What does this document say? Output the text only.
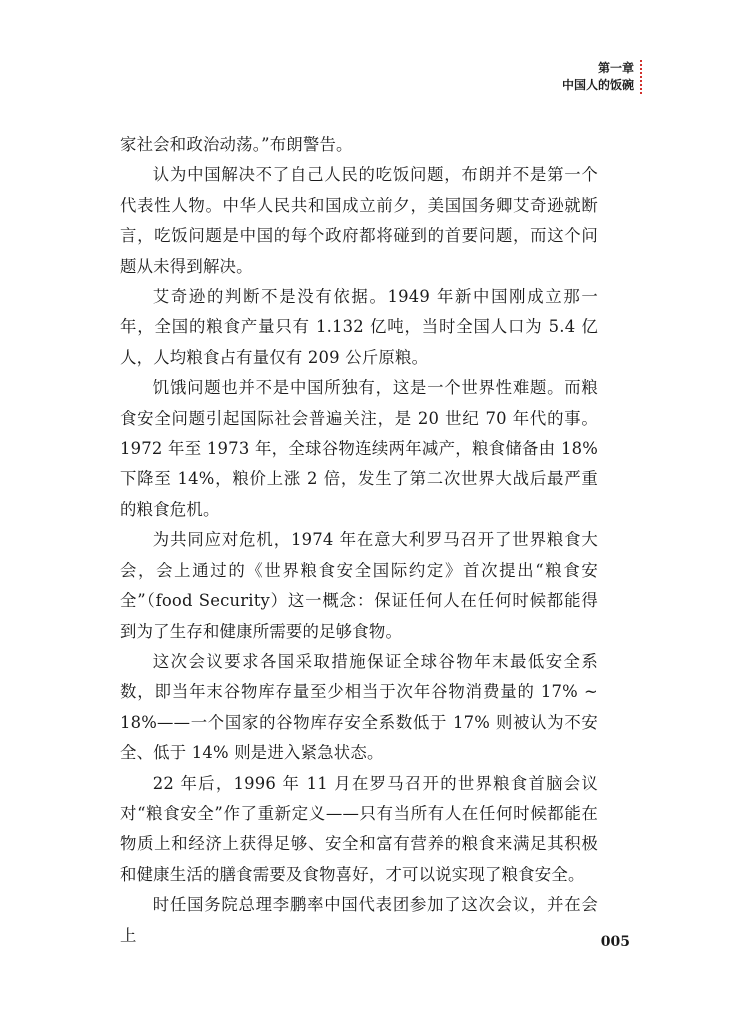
第一章
中国人的饭碗

家社会和政治动荡。”布朗警告。

认为中国解决不了自己人民的吃饭问题，布朗并不是第一个代表性人物。中华人民共和国成立前夕，美国国务卿艾奇逊就断言，吃饭问题是中国的每个政府都将碰到的首要问题，而这个问题从未得到解决。

艾奇逊的判断不是没有依据。1949 年新中国刚成立那一年，全国的粮食产量只有 1.132 亿吨，当时全国人口为 5.4 亿人，人均粮食占有量仅有 209 公斤原粮。

饥饿问题也并不是中国所独有，这是一个世界性难题。而粮食安全问题引起国际社会普遍关注，是 20 世纪 70 年代的事。1972 年至 1973 年，全球谷物连续两年减产，粮食储备由 18% 下降至 14%，粮价上涨 2 倍，发生了第二次世界大战后最严重的粮食危机。

为共同应对危机，1974 年在意大利罗马召开了世界粮食大会，会上通过的《世界粮食安全国际约定》首次提出“粮食安全”（food Security）这一概念：保证任何人在任何时候都能得到为了生存和健康所需要的足够食物。

这次会议要求各国采取措施保证全球谷物年末最低安全系数，即当年末谷物库存量至少相当于次年谷物消费量的 17% ~ 18%——一个国家的谷物库存安全系数低于 17% 则被认为不安全、低于 14% 则是进入紧急状态。

22 年后，1996 年 11 月在罗马召开的世界粮食首脑会议对“粮食安全”作了重新定义——只有当所有人在任何时候都能在物质上和经济上获得足够、安全和富有营养的粮食来满足其积极和健康生活的膳食需要及食物喜好，才可以说实现了粮食安全。

时任国务院总理李鹏率中国代表团参加了这次会议，并在会上	005
